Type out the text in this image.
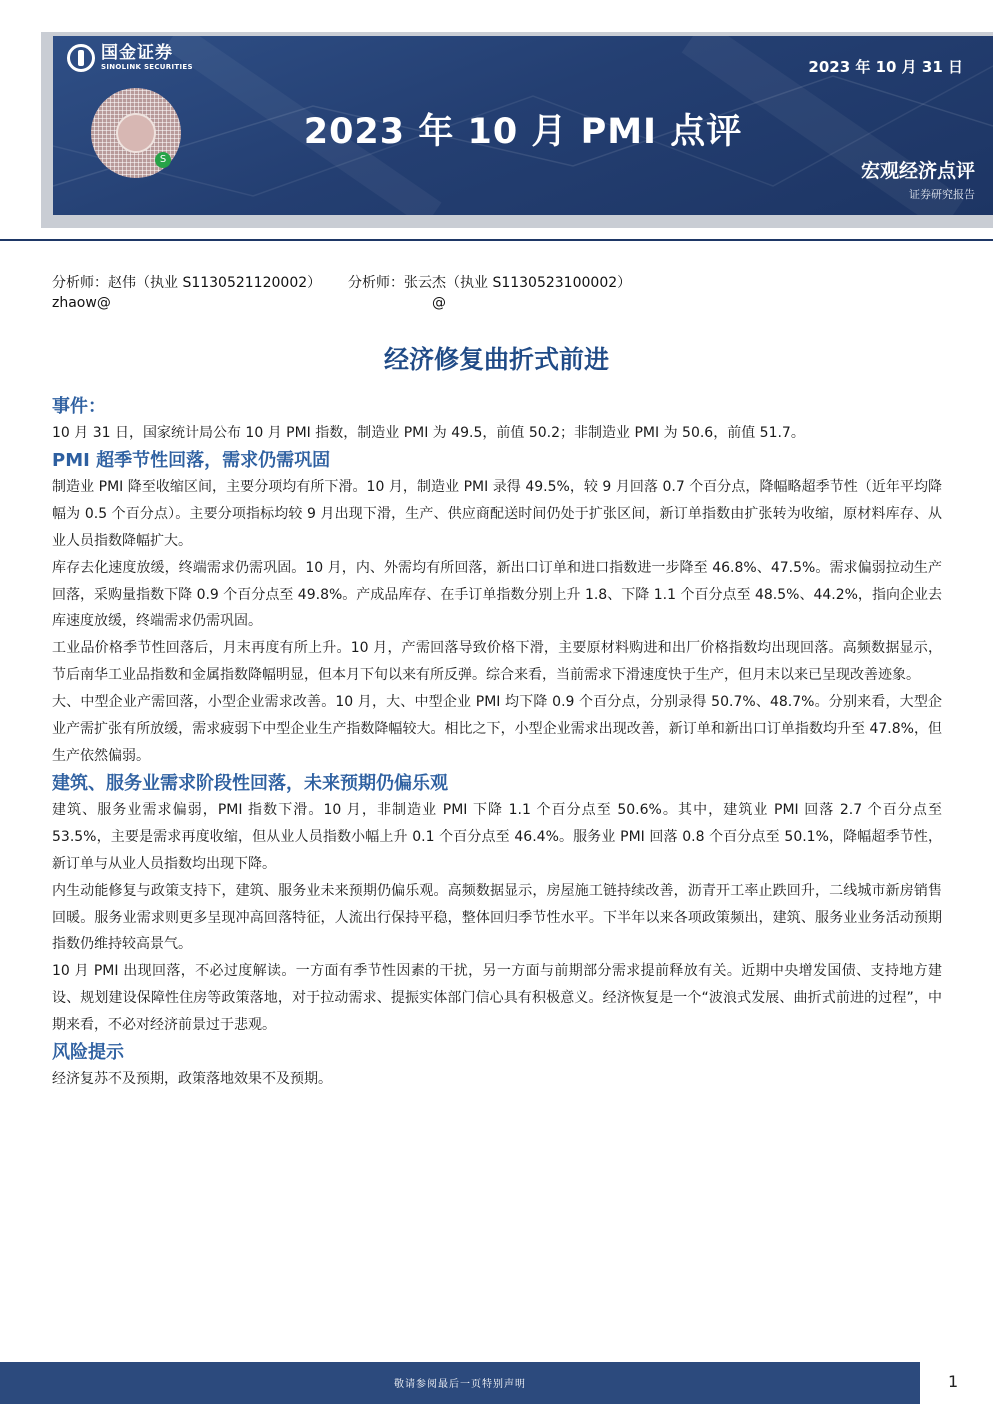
国金证券
SINOLINK SECURITIES
S
2023 年 10 月 PMI 点评
2023 年 10 月 31 日
宏观经济点评
证券研究报告
分析师：赵伟（执业 S1130521120002）
zhaow@
分析师：张云杰（执业 S1130523100002）
@
经济修复曲折式前进
事件：

10 月 31 日，国家统计局公布 10 月 PMI 指数，制造业 PMI 为 49.5，前值 50.2；非制造业 PMI 为 50.6，前值 51.7。

PMI 超季节性回落，需求仍需巩固

制造业 PMI 降至收缩区间，主要分项均有所下滑。10 月，制造业 PMI 录得 49.5%，较 9 月回落 0.7 个百分点，降幅略超季节性（近年平均降幅为 0.5 个百分点）。主要分项指标均较 9 月出现下滑，生产、供应商配送时间仍处于扩张区间，新订单指数由扩张转为收缩，原材料库存、从业人员指数降幅扩大。

库存去化速度放缓，终端需求仍需巩固。10 月，内、外需均有所回落，新出口订单和进口指数进一步降至 46.8%、47.5%。需求偏弱拉动生产回落，采购量指数下降 0.9 个百分点至 49.8%。产成品库存、在手订单指数分别上升 1.8、下降 1.1 个百分点至 48.5%、44.2%，指向企业去库速度放缓，终端需求仍需巩固。

工业品价格季节性回落后，月末再度有所上升。10 月，产需回落导致价格下滑，主要原材料购进和出厂价格指数均出现回落。高频数据显示，节后南华工业品指数和金属指数降幅明显，但本月下旬以来有所反弹。综合来看，当前需求下滑速度快于生产，但月末以来已呈现改善迹象。

大、中型企业产需回落，小型企业需求改善。10 月，大、中型企业 PMI 均下降 0.9 个百分点，分别录得 50.7%、48.7%。分别来看，大型企业产需扩张有所放缓，需求疲弱下中型企业生产指数降幅较大。相比之下，小型企业需求出现改善，新订单和新出口订单指数均升至 47.8%，但生产依然偏弱。

建筑、服务业需求阶段性回落，未来预期仍偏乐观

建筑、服务业需求偏弱，PMI 指数下滑。10 月，非制造业 PMI 下降 1.1 个百分点至 50.6%。其中，建筑业 PMI 回落 2.7 个百分点至 53.5%，主要是需求再度收缩，但从业人员指数小幅上升 0.1 个百分点至 46.4%。服务业 PMI 回落 0.8 个百分点至 50.1%，降幅超季节性，新订单与从业人员指数均出现下降。

内生动能修复与政策支持下，建筑、服务业未来预期仍偏乐观。高频数据显示，房屋施工链持续改善，沥青开工率止跌回升，二线城市新房销售回暖。服务业需求则更多呈现冲高回落特征，人流出行保持平稳，整体回归季节性水平。下半年以来各项政策频出，建筑、服务业业务活动预期指数仍维持较高景气。

10 月 PMI 出现回落，不必过度解读。一方面有季节性因素的干扰，另一方面与前期部分需求提前释放有关。近期中央增发国债、支持地方建设、规划建设保障性住房等政策落地，对于拉动需求、提振实体部门信心具有积极意义。经济恢复是一个“波浪式发展、曲折式前进的过程”，中期来看，不必对经济前景过于悲观。

风险提示

经济复苏不及预期，政策落地效果不及预期。

敬请参阅最后一页特别声明	1
